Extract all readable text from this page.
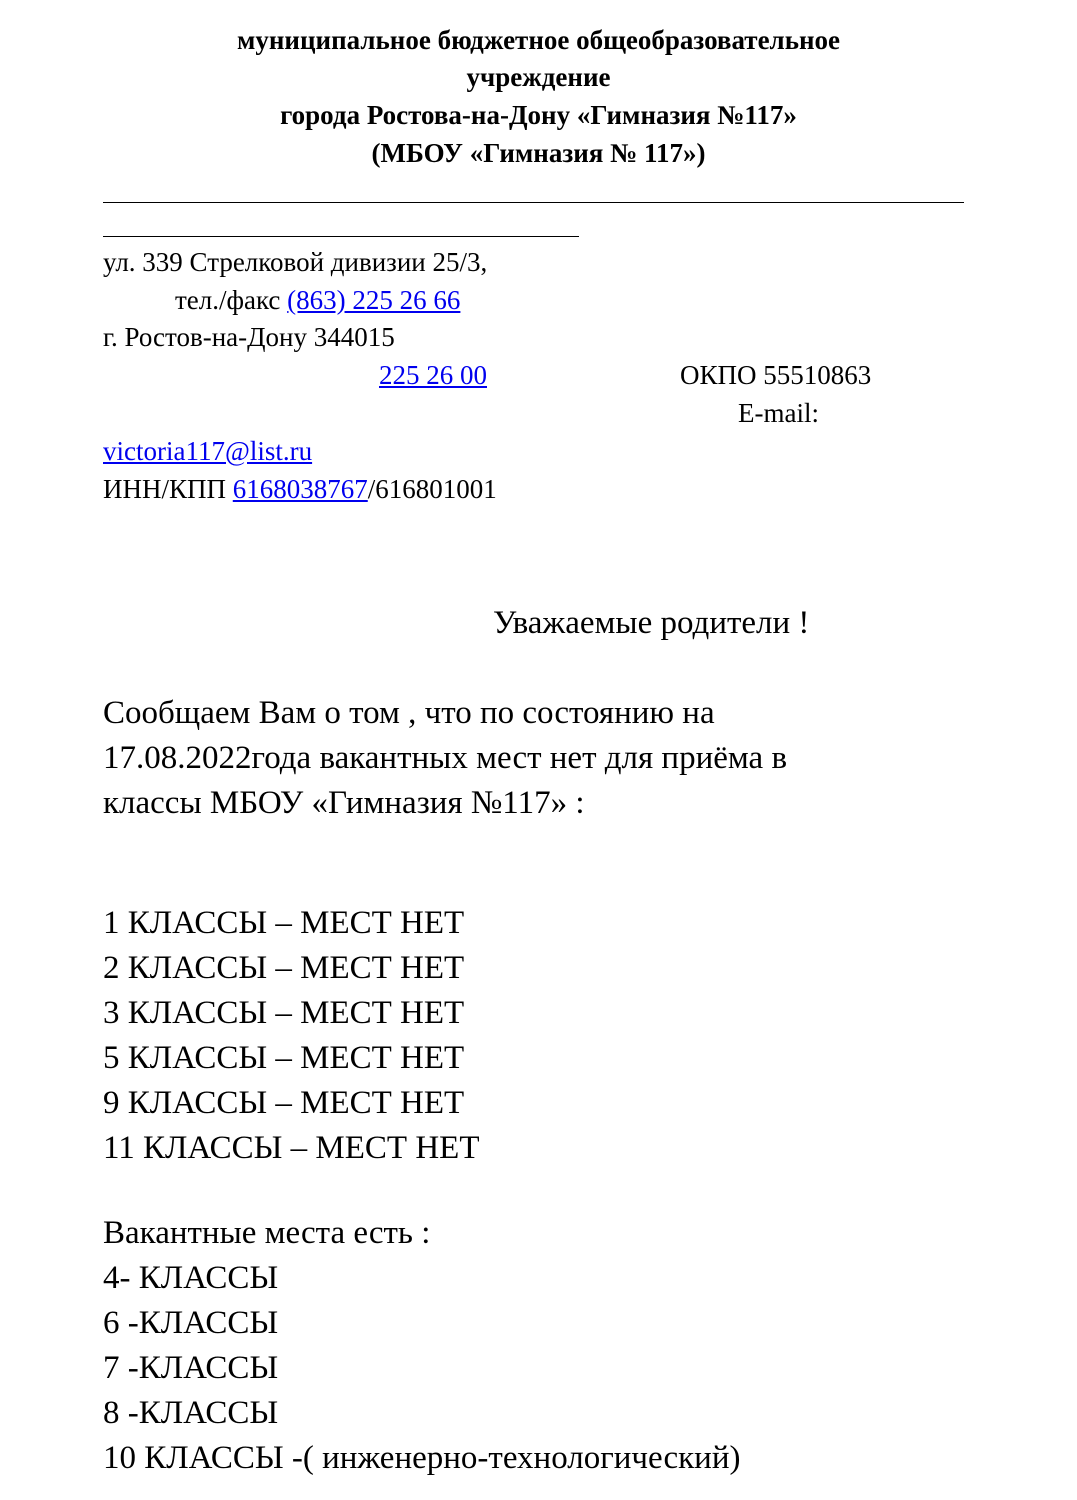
муниципальное бюджетное общеобразовательное
учреждение
города Ростова-на-Дону «Гимназия №117»
(МБОУ «Гимназия № 117»)
ул. 339 Стрелковой дивизии 25/3,
тел./факс (863) 225 26 66
г. Ростов-на-Дону 344015
225 26 00	ОКПО 55510863
E-mail:
victoria117@list.ru
ИНН/КПП 6168038767/616801001
Уважаемые родители !
Сообщаем Вам о том , что по состоянию на
17.08.2022года вакантных мест нет для приёма в
классы МБОУ «Гимназия №117» :
1 КЛАССЫ – МЕСТ НЕТ
2 КЛАССЫ – МЕСТ НЕТ
3 КЛАССЫ – МЕСТ НЕТ
5 КЛАССЫ – МЕСТ НЕТ
9 КЛАССЫ – МЕСТ НЕТ
11 КЛАССЫ – МЕСТ НЕТ
Вакантные места есть :
4- КЛАССЫ
6 -КЛАССЫ
7 -КЛАССЫ
8 -КЛАССЫ
10 КЛАССЫ -( инженерно-технологический)
